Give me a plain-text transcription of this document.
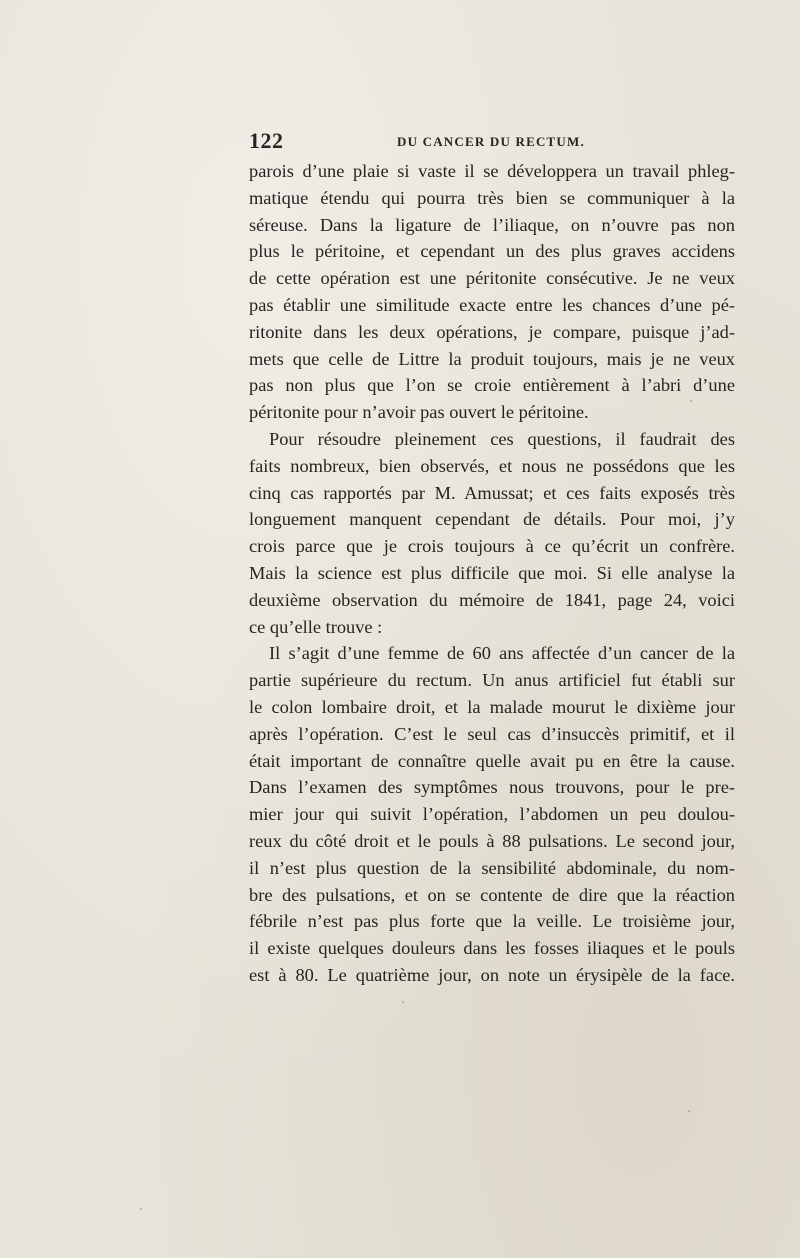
122	DU CANCER DU RECTUM.
parois d’une plaie si vaste il se développera un travail phleg-
matique étendu qui pourra très bien se communiquer à la
séreuse. Dans la ligature de l’iliaque, on n’ouvre pas non
plus le péritoine, et cependant un des plus graves accidens
de cette opération est une péritonite consécutive. Je ne veux
pas établir une similitude exacte entre les chances d’une pé-
ritonite dans les deux opérations, je compare, puisque j’ad-
mets que celle de Littre la produit toujours, mais je ne veux
pas non plus que l’on se croie entièrement à l’abri d’une
péritonite pour n’avoir pas ouvert le péritoine.
Pour résoudre pleinement ces questions, il faudrait des
faits nombreux, bien observés, et nous ne possédons que les
cinq cas rapportés par M. Amussat; et ces faits exposés très
longuement manquent cependant de détails. Pour moi, j’y
crois parce que je crois toujours à ce qu’écrit un confrère.
Mais la science est plus difficile que moi. Si elle analyse la
deuxième observation du mémoire de 1841, page 24, voici
ce qu’elle trouve :
Il s’agit d’une femme de 60 ans affectée d’un cancer de la
partie supérieure du rectum. Un anus artificiel fut établi sur
le colon lombaire droit, et la malade mourut le dixième jour
après l’opération. C’est le seul cas d’insuccès primitif, et il
était important de connaître quelle avait pu en être la cause.
Dans l’examen des symptômes nous trouvons, pour le pre-
mier jour qui suivit l’opération, l’abdomen un peu doulou-
reux du côté droit et le pouls à 88 pulsations. Le second jour,
il n’est plus question de la sensibilité abdominale, du nom-
bre des pulsations, et on se contente de dire que la réaction
fébrile n’est pas plus forte que la veille. Le troisième jour,
il existe quelques douleurs dans les fosses iliaques et le pouls
est à 80. Le quatrième jour, on note un érysipèle de la face.
